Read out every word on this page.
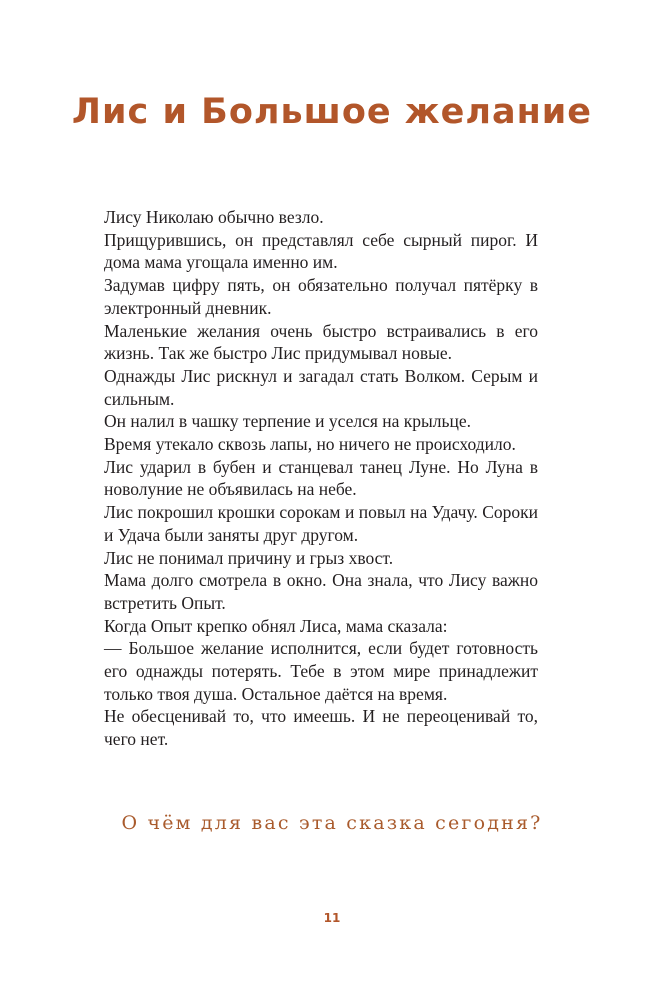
Лис и Большое желание

Лису Николаю обычно везло.

Прищурившись, он представлял себе сырный пирог. И дома мама угощала именно им.

Задумав цифру пять, он обязательно получал пятёрку в электронный дневник.

Маленькие желания очень быстро встраивались в его жизнь. Так же быстро Лис придумывал новые.

Однажды Лис рискнул и загадал стать Волком. Серым и сильным.

Он налил в чашку терпение и уселся на крыльце.

Время утекало сквозь лапы, но ничего не происходило.

Лис ударил в бубен и станцевал танец Луне. Но Луна в новолуние не объявилась на небе.

Лис покрошил крошки сорокам и повыл на Удачу. Сороки и Удача были заняты друг другом.

Лис не понимал причину и грыз хвост.

Мама долго смотрела в окно. Она знала, что Лису важно встретить Опыт.

Когда Опыт крепко обнял Лиса, мама сказала:

— Большое желание исполнится, если будет готовность его однажды потерять. Тебе в этом мире принадлежит только твоя душа. Остальное даётся на время.

Не обесценивай то, что имеешь. И не переоценивай то, чего нет.

О чём для вас эта сказка сегодня?

11
